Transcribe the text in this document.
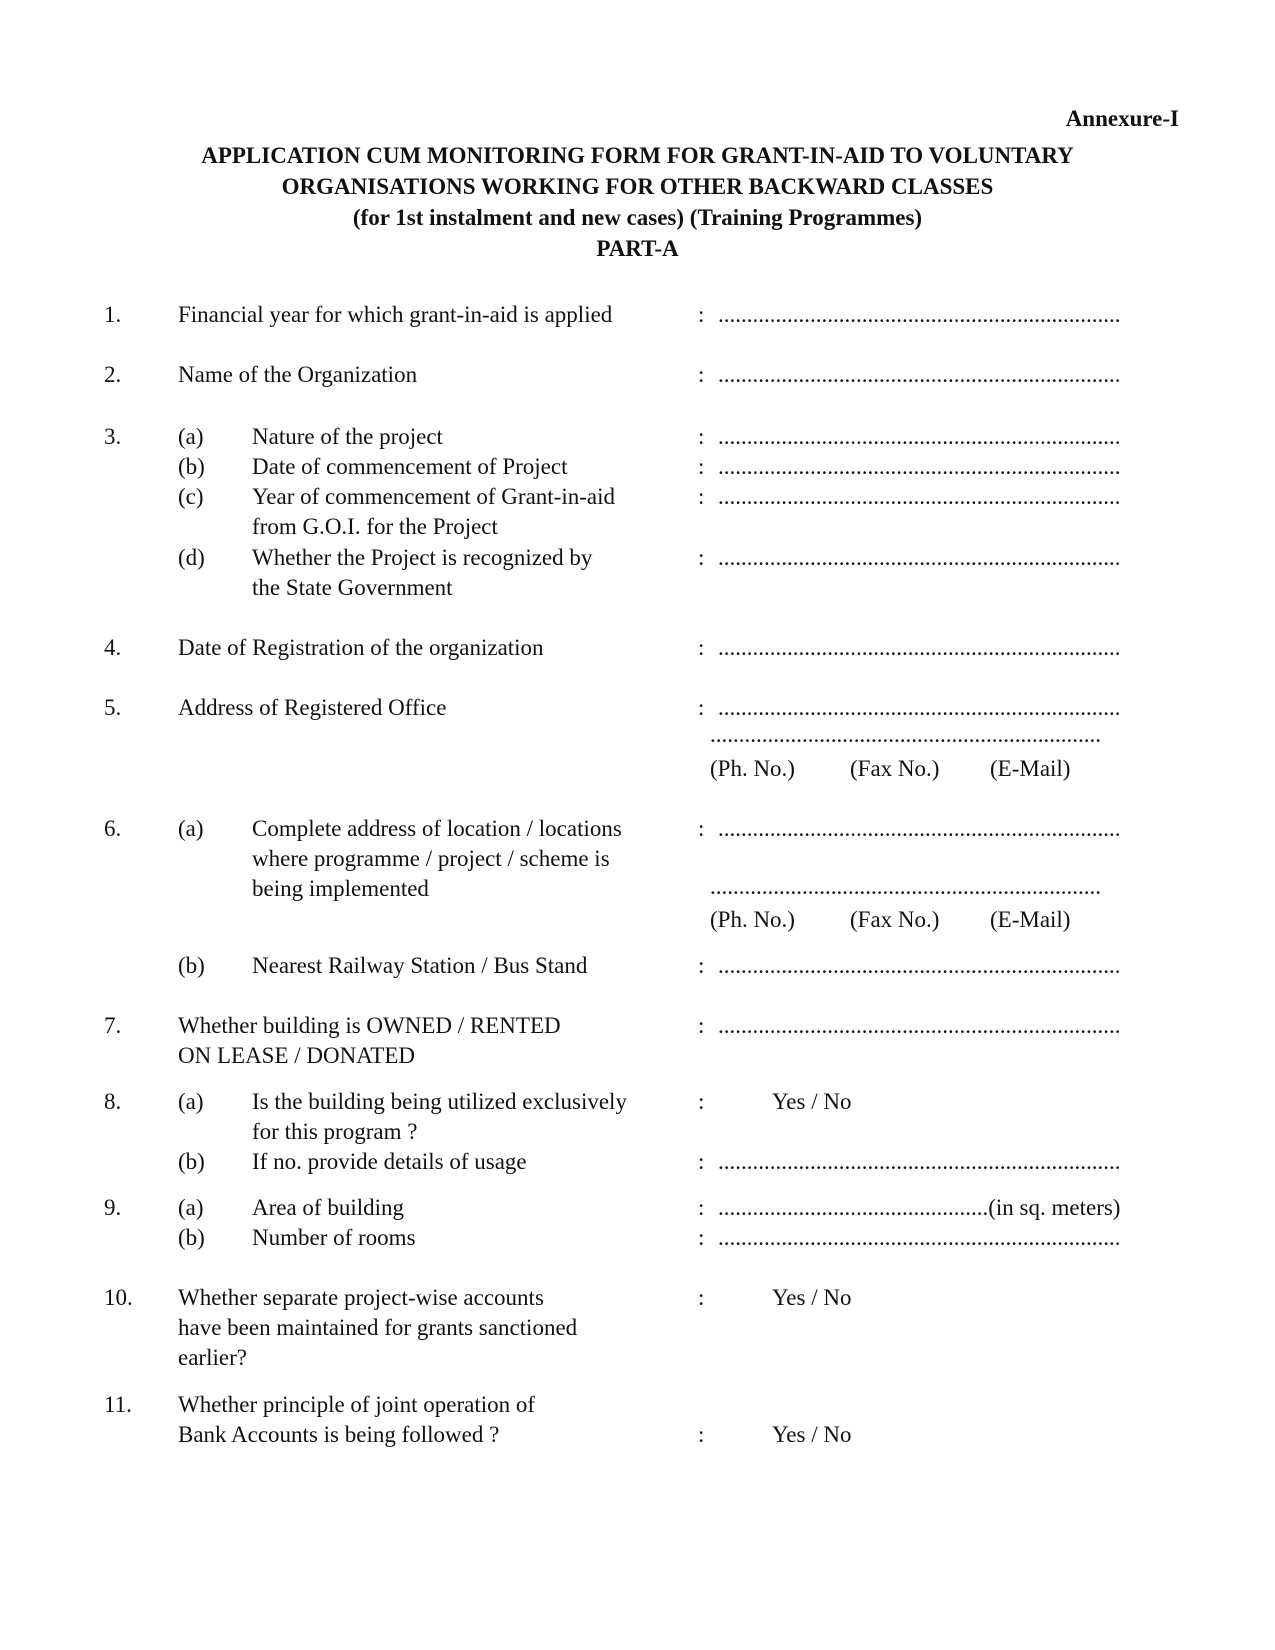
Annexure-I
APPLICATION CUM MONITORING FORM FOR GRANT-IN-AID TO VOLUNTARY
ORGANISATIONS WORKING FOR OTHER BACKWARD CLASSES
(for 1st instalment and new cases) (Training Programmes)
PART-A
1. Financial year for which grant-in-aid is applied	: ......................................................................
2. Name of the Organization	: ......................................................................
3. (a) Nature of the project	: ......................................................................
(b) Date of commencement of Project	: ......................................................................
(c) Year of commencement of Grant-in-aid
from G.O.I. for the Project
: ......................................................................
(d) Whether the Project is recognized by
the State Government
: ......................................................................
4. Date of Registration of the organization	: ......................................................................
5. Address of Registered Office	: ......................................................................
....................................................................
(Ph. No.) (Fax No.) (E-Mail)
6. (a) Complete address of location / locations
where programme / project / scheme is
being implemented
: ......................................................................
....................................................................
(Ph. No.) (Fax No.) (E-Mail)
(b) Nearest Railway Station / Bus Stand	: ......................................................................
7. Whether building is OWNED / RENTED
ON LEASE / DONATED
: ......................................................................
8. (a) Is the building being utilized exclusively
for this program ?
:	Yes / No
(b) If no. provide details of usage	: ......................................................................
9. (a) Area of building	: ...............................................(in sq. meters)
(b) Number of rooms	: ......................................................................
10. Whether separate project-wise accounts
have been maintained for grants sanctioned
earlier?
:	Yes / No
11. Whether principle of joint operation of
Bank Accounts is being followed ?	:	Yes / No
